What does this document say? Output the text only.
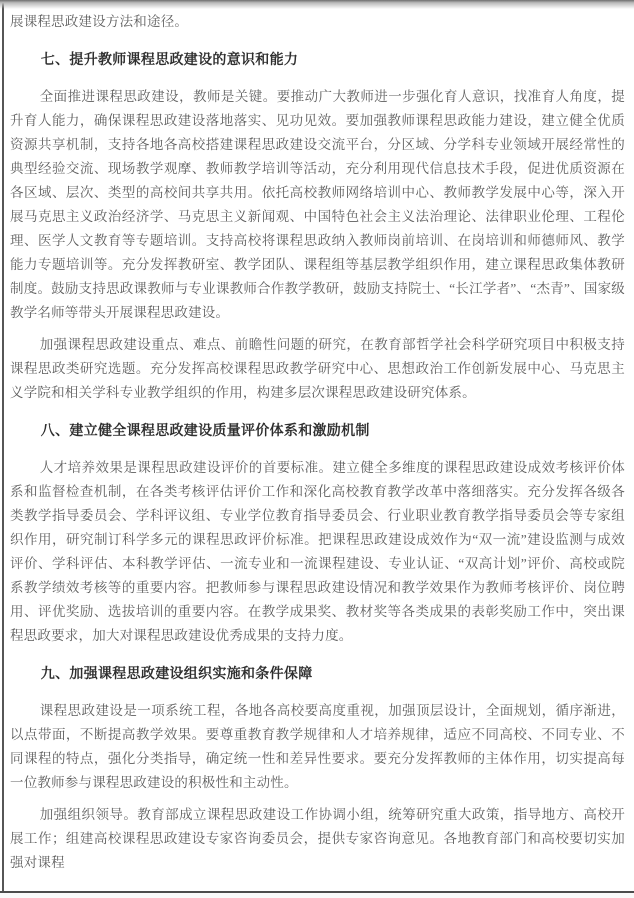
展课程思政建设方法和途径。

七、提升教师课程思政建设的意识和能力

全面推进课程思政建设，教师是关键。要推动广大教师进一步强化育人意识，找准育人角度，提升育人能力，确保课程思政建设落地落实、见功见效。要加强教师课程思政能力建设，建立健全优质资源共享机制，支持各地各高校搭建课程思政建设交流平台，分区域、分学科专业领域开展经常性的典型经验交流、现场教学观摩、教师教学培训等活动，充分利用现代信息技术手段，促进优质资源在各区域、层次、类型的高校间共享共用。依托高校教师网络培训中心、教师教学发展中心等，深入开展马克思主义政治经济学、马克思主义新闻观、中国特色社会主义法治理论、法律职业伦理、工程伦理、医学人文教育等专题培训。支持高校将课程思政纳入教师岗前培训、在岗培训和师德师风、教学能力专题培训等。充分发挥教研室、教学团队、课程组等基层教学组织作用，建立课程思政集体教研制度。鼓励支持思政课教师与专业课教师合作教学教研，鼓励支持院士、“长江学者”、“杰青”、国家级教学名师等带头开展课程思政建设。

加强课程思政建设重点、难点、前瞻性问题的研究，在教育部哲学社会科学研究项目中积极支持课程思政类研究选题。充分发挥高校课程思政教学研究中心、思想政治工作创新发展中心、马克思主义学院和相关学科专业教学组织的作用，构建多层次课程思政建设研究体系。

八、建立健全课程思政建设质量评价体系和激励机制

人才培养效果是课程思政建设评价的首要标准。建立健全多维度的课程思政建设成效考核评价体系和监督检查机制，在各类考核评估评价工作和深化高校教育教学改革中落细落实。充分发挥各级各类教学指导委员会、学科评议组、专业学位教育指导委员会、行业职业教育教学指导委员会等专家组织作用，研究制订科学多元的课程思政评价标准。把课程思政建设成效作为“双一流”建设监测与成效评价、学科评估、本科教学评估、一流专业和一流课程建设、专业认证、“双高计划”评价、高校或院系教学绩效考核等的重要内容。把教师参与课程思政建设情况和教学效果作为教师考核评价、岗位聘用、评优奖励、选拔培训的重要内容。在教学成果奖、教材奖等各类成果的表彰奖励工作中，突出课程思政要求，加大对课程思政建设优秀成果的支持力度。

九、加强课程思政建设组织实施和条件保障

课程思政建设是一项系统工程，各地各高校要高度重视，加强顶层设计，全面规划，循序渐进，以点带面，不断提高教学效果。要尊重教育教学规律和人才培养规律，适应不同高校、不同专业、不同课程的特点，强化分类指导，确定统一性和差异性要求。要充分发挥教师的主体作用，切实提高每一位教师参与课程思政建设的积极性和主动性。

加强组织领导。教育部成立课程思政建设工作协调小组，统筹研究重大政策，指导地方、高校开展工作；组建高校课程思政建设专家咨询委员会，提供专家咨询意见。各地教育部门和高校要切实加强对课程
